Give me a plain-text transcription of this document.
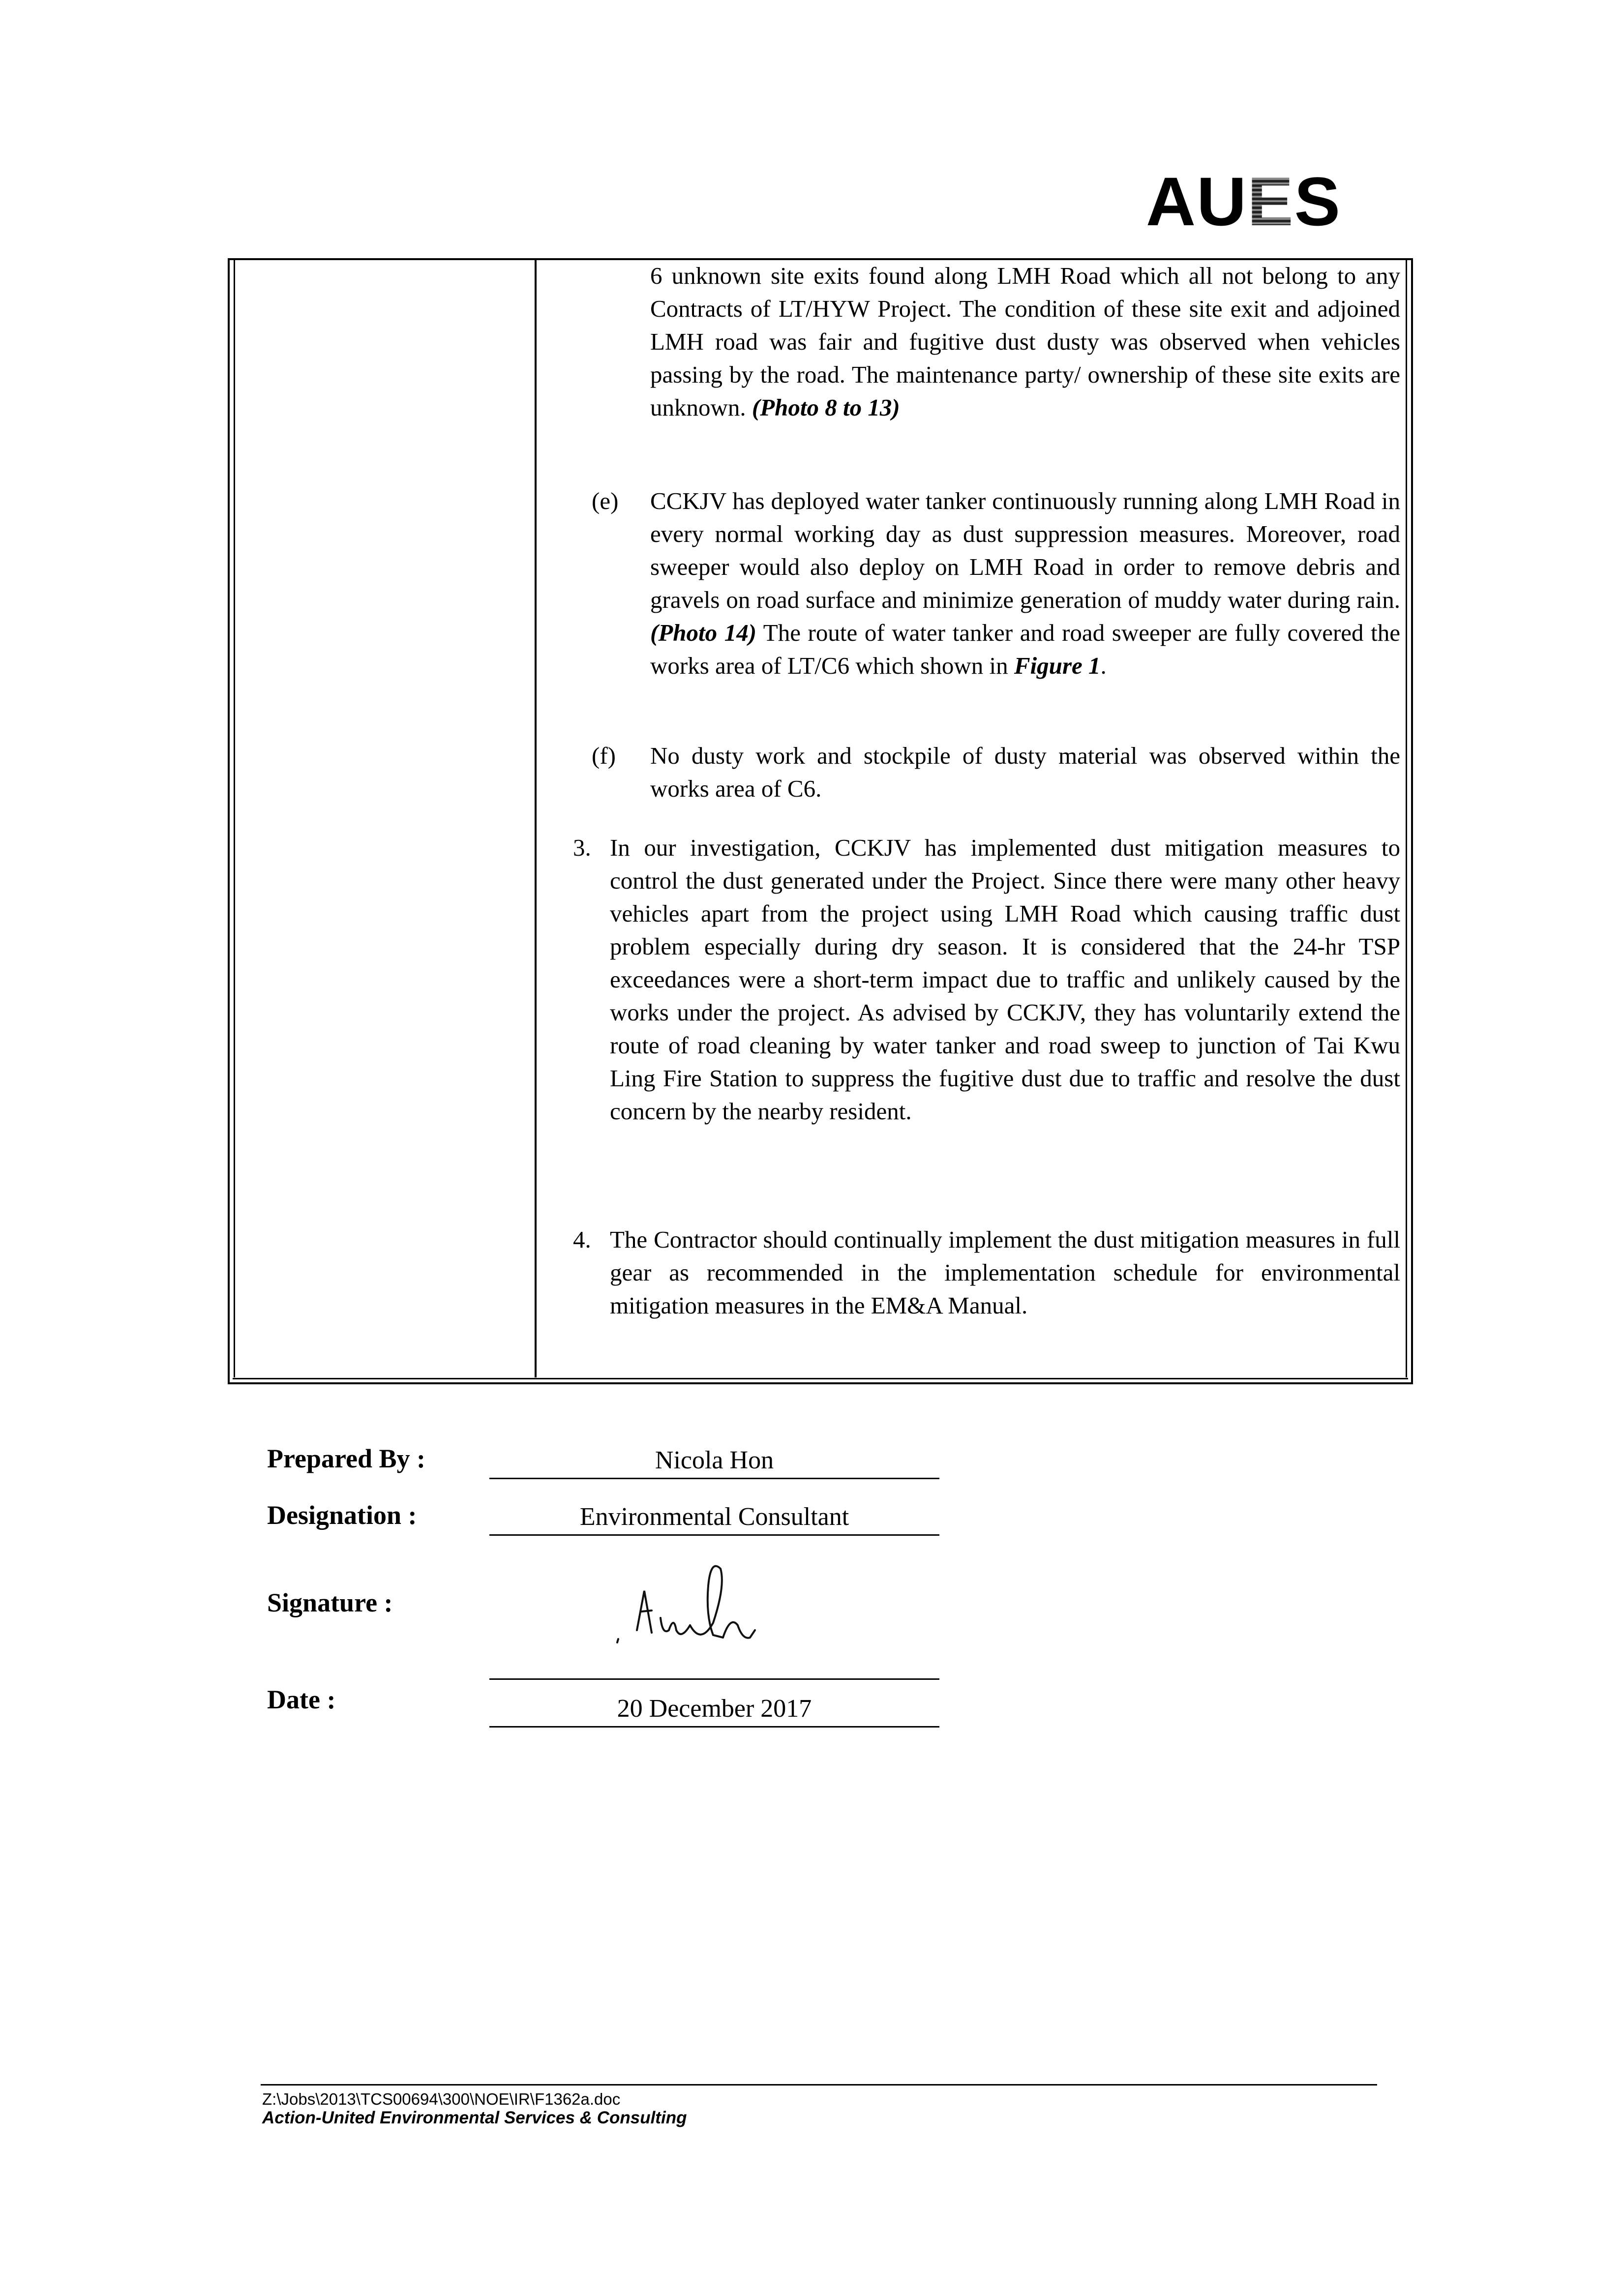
AUES
6 unknown site exits found along LMH Road which all not belong to any Contracts of LT/HYW Project. The condition of these site exit and adjoined LMH road was fair and fugitive dust dusty was observed when vehicles passing by the road. The maintenance party/ ownership of these site exits are unknown. (Photo 8 to 13)
(e) CCKJV has deployed water tanker continuously running along LMH Road in every normal working day as dust suppression measures. Moreover, road sweeper would also deploy on LMH Road in order to remove debris and gravels on road surface and minimize generation of muddy water during rain. (Photo 14) The route of water tanker and road sweeper are fully covered the works area of LT/C6 which shown in Figure 1.
(f) No dusty work and stockpile of dusty material was observed within the works area of C6.
3. In our investigation, CCKJV has implemented dust mitigation measures to control the dust generated under the Project. Since there were many other heavy vehicles apart from the project using LMH Road which causing traffic dust problem especially during dry season. It is considered that the 24-hr TSP exceedances were a short-term impact due to traffic and unlikely caused by the works under the project. As advised by CCKJV, they has voluntarily extend the route of road cleaning by water tanker and road sweep to junction of Tai Kwu Ling Fire Station to suppress the fugitive dust due to traffic and resolve the dust concern by the nearby resident.
4. The Contractor should continually implement the dust mitigation measures in full gear as recommended in the implementation schedule for environmental mitigation measures in the EM&A Manual.
Prepared By :	Nicola Hon
Designation :	Environmental Consultant
Signature :
Date :	20 December 2017
Z:\Jobs\2013\TCS00694\300\NOE\IR\F1362a.doc
Action-United Environmental Services & Consulting
